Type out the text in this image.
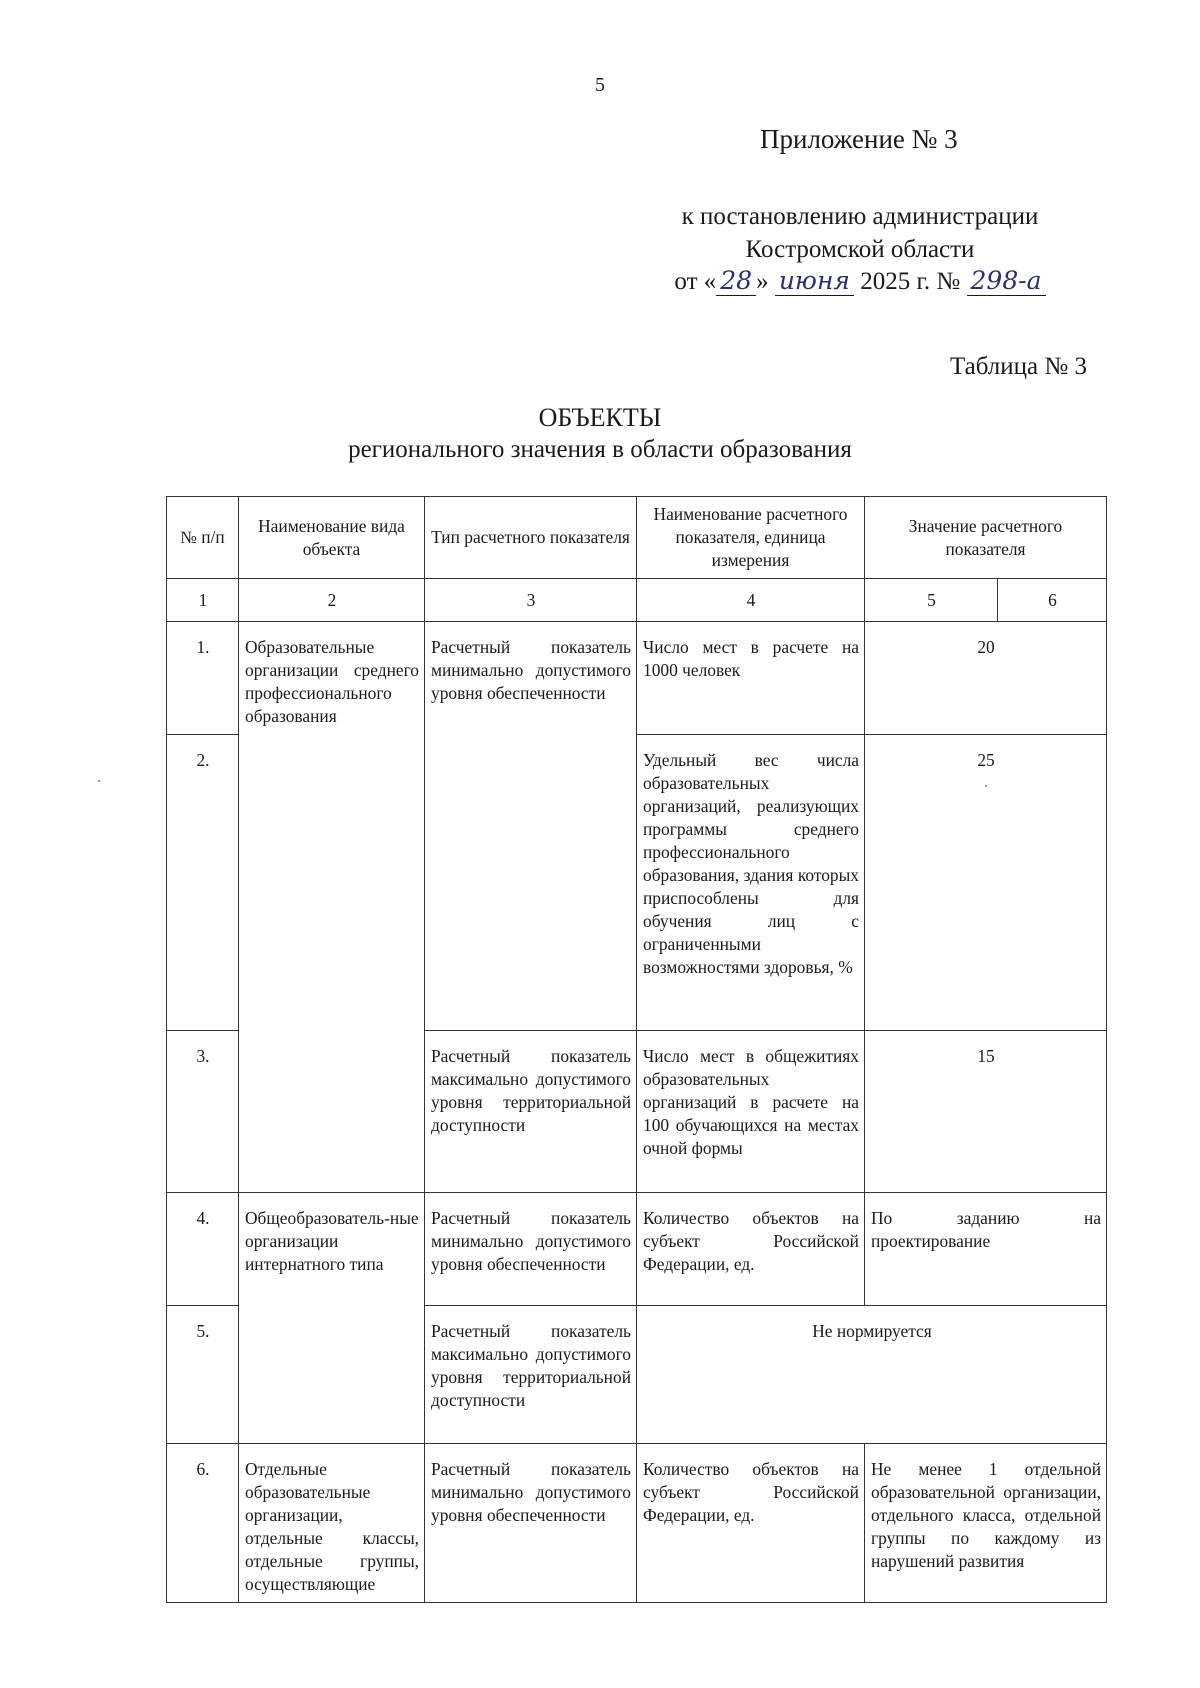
5
Приложение № 3
к постановлению администрации Костромской области
от « 28 » июня 2025 г. № 298-а
Таблица № 3
ОБЪЕКТЫ
регионального значения в области образования
№ п/п	Наименование вида объекта	Тип расчетного показателя	Наименование расчетного показателя, единица измерения	Значение расчетного показателя	
1	2	3	4	5	6
1.	Образовательные организации среднего профессионального образования	Расчетный показатель минимально допустимого уровня обеспеченности	Число мест в расчете на 1000 человек	20	
2.			Удельный вес числа образовательных организаций, реализующих программы среднего профессионального образования, здания которых приспособлены для обучения лиц с ограниченными возможностями здоровья, %	25	
3.		Расчетный показатель максимально допустимого уровня территориальной доступности	Число мест в общежитиях образовательных организаций в расчете на 100 обучающихся на местах очной формы	15	
4.	Общеобразователь-ные организации интернатного типа	Расчетный показатель минимально допустимого уровня обеспеченности	Количество объектов на субъект Российской Федерации, ед.	По заданию на проектирование	
5.		Расчетный показатель максимально допустимого уровня территориальной доступности	Не нормируется		
6.	Отдельные образовательные организации, отдельные классы, отдельные группы, осуществляющие	Расчетный показатель минимально допустимого уровня обеспеченности	Количество объектов на субъект Российской Федерации, ед.	Не менее 1 отдельной образовательной организации, отдельного класса, отдельной группы по каждому из нарушений развития	
